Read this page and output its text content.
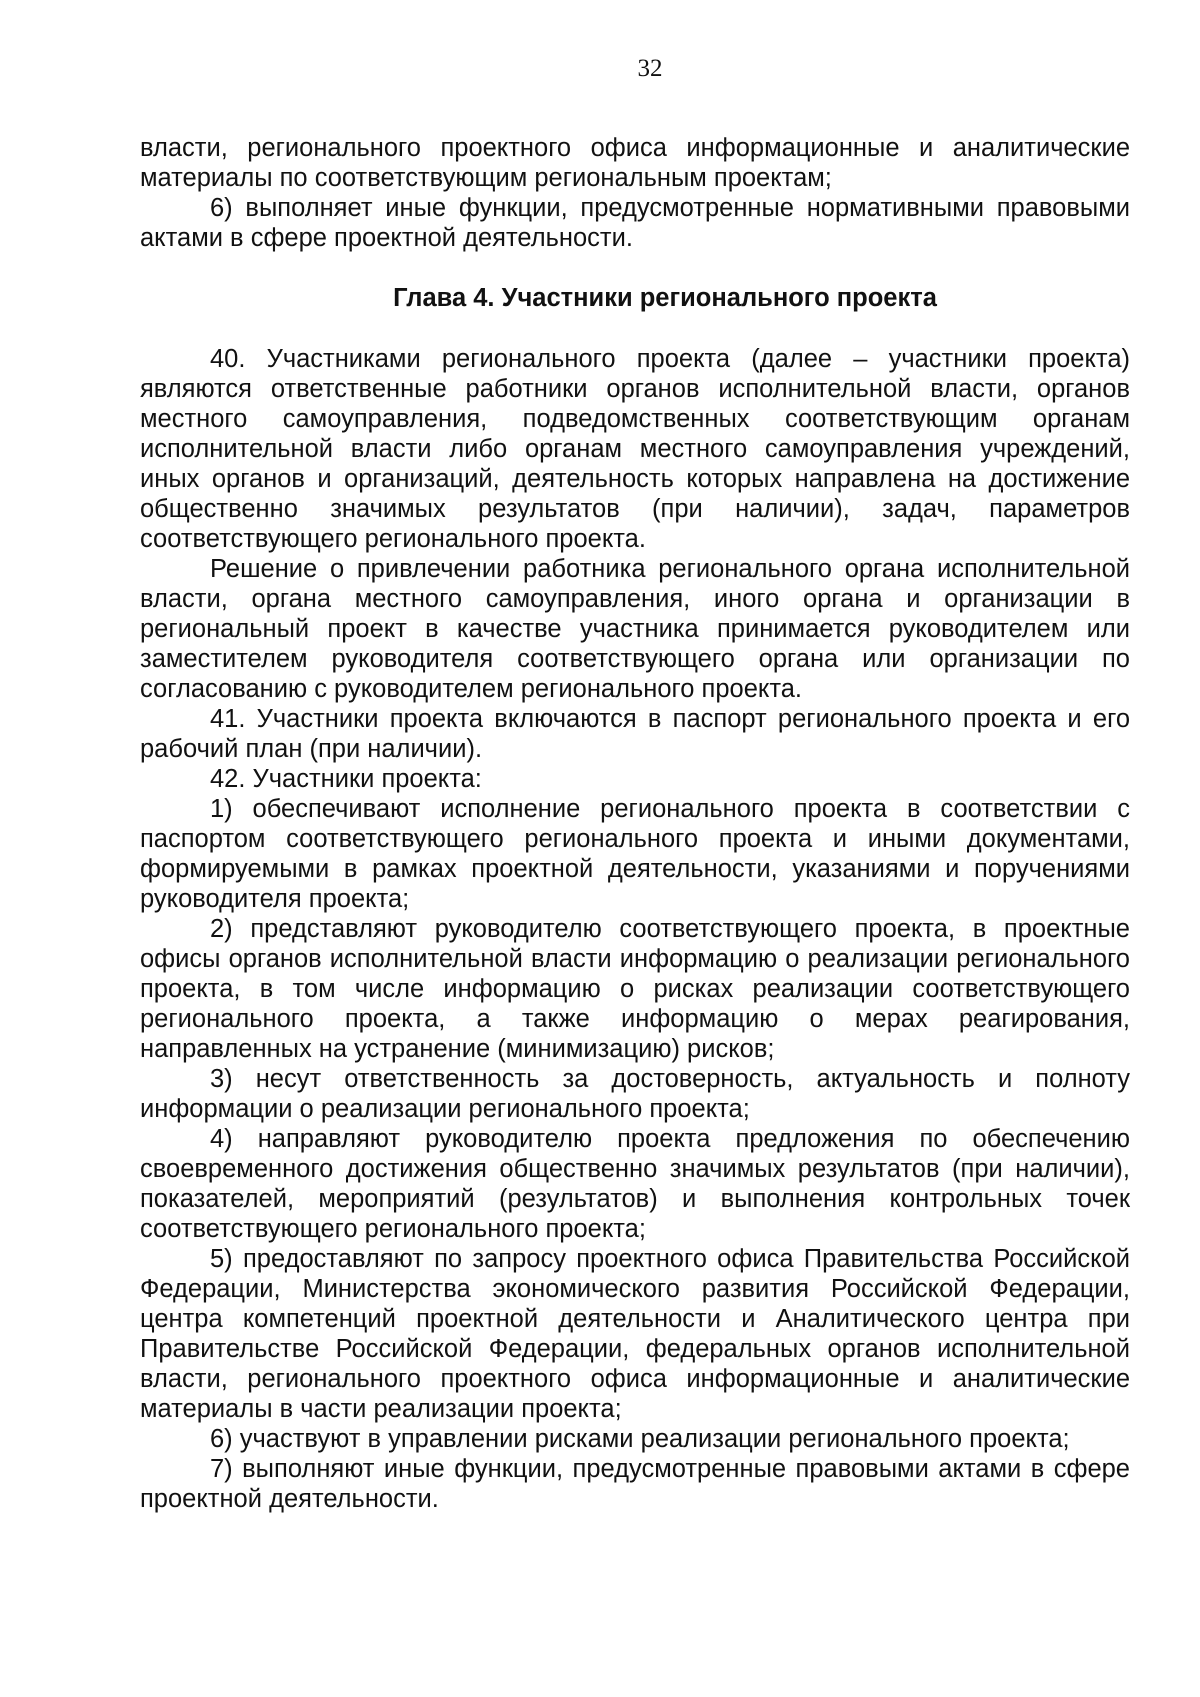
32

власти, регионального проектного офиса информационные и аналитические материалы по соответствующим региональным проектам;

6) выполняет иные функции, предусмотренные нормативными правовыми актами в сфере проектной деятельности.

Глава 4. Участники регионального проекта

40. Участниками регионального проекта (далее – участники проекта) являются ответственные работники органов исполнительной власти, органов местного самоуправления, подведомственных соответствующим органам исполнительной власти либо органам местного самоуправления учреждений, иных органов и организаций, деятельность которых направлена на достижение общественно значимых результатов (при наличии), задач, параметров соответствующего регионального проекта.

Решение о привлечении работника регионального органа исполнительной власти, органа местного самоуправления, иного органа и организации в региональный проект в качестве участника принимается руководителем или заместителем руководителя соответствующего органа или организации по согласованию с руководителем регионального проекта.

41. Участники проекта включаются в паспорт регионального проекта и его рабочий план (при наличии).

42. Участники проекта:

1) обеспечивают исполнение регионального проекта в соответствии с паспортом соответствующего регионального проекта и иными документами, формируемыми в рамках проектной деятельности, указаниями и поручениями руководителя проекта;

2) представляют руководителю соответствующего проекта, в проектные офисы органов исполнительной власти информацию о реализации регионального проекта, в том числе информацию о рисках реализации соответствующего регионального проекта, а также информацию о мерах реагирования, направленных на устранение (минимизацию) рисков;

3) несут ответственность за достоверность, актуальность и полноту информации о реализации регионального проекта;

4) направляют руководителю проекта предложения по обеспечению своевременного достижения общественно значимых результатов (при наличии), показателей, мероприятий (результатов) и выполнения контрольных точек соответствующего регионального проекта;

5) предоставляют по запросу проектного офиса Правительства Российской Федерации, Министерства экономического развития Российской Федерации, центра компетенций проектной деятельности и Аналитического центра при Правительстве Российской Федерации, федеральных органов исполнительной власти, регионального проектного офиса информационные и аналитические материалы в части реализации проекта;

6) участвуют в управлении рисками реализации регионального проекта;

7) выполняют иные функции, предусмотренные правовыми актами в сфере проектной деятельности.
